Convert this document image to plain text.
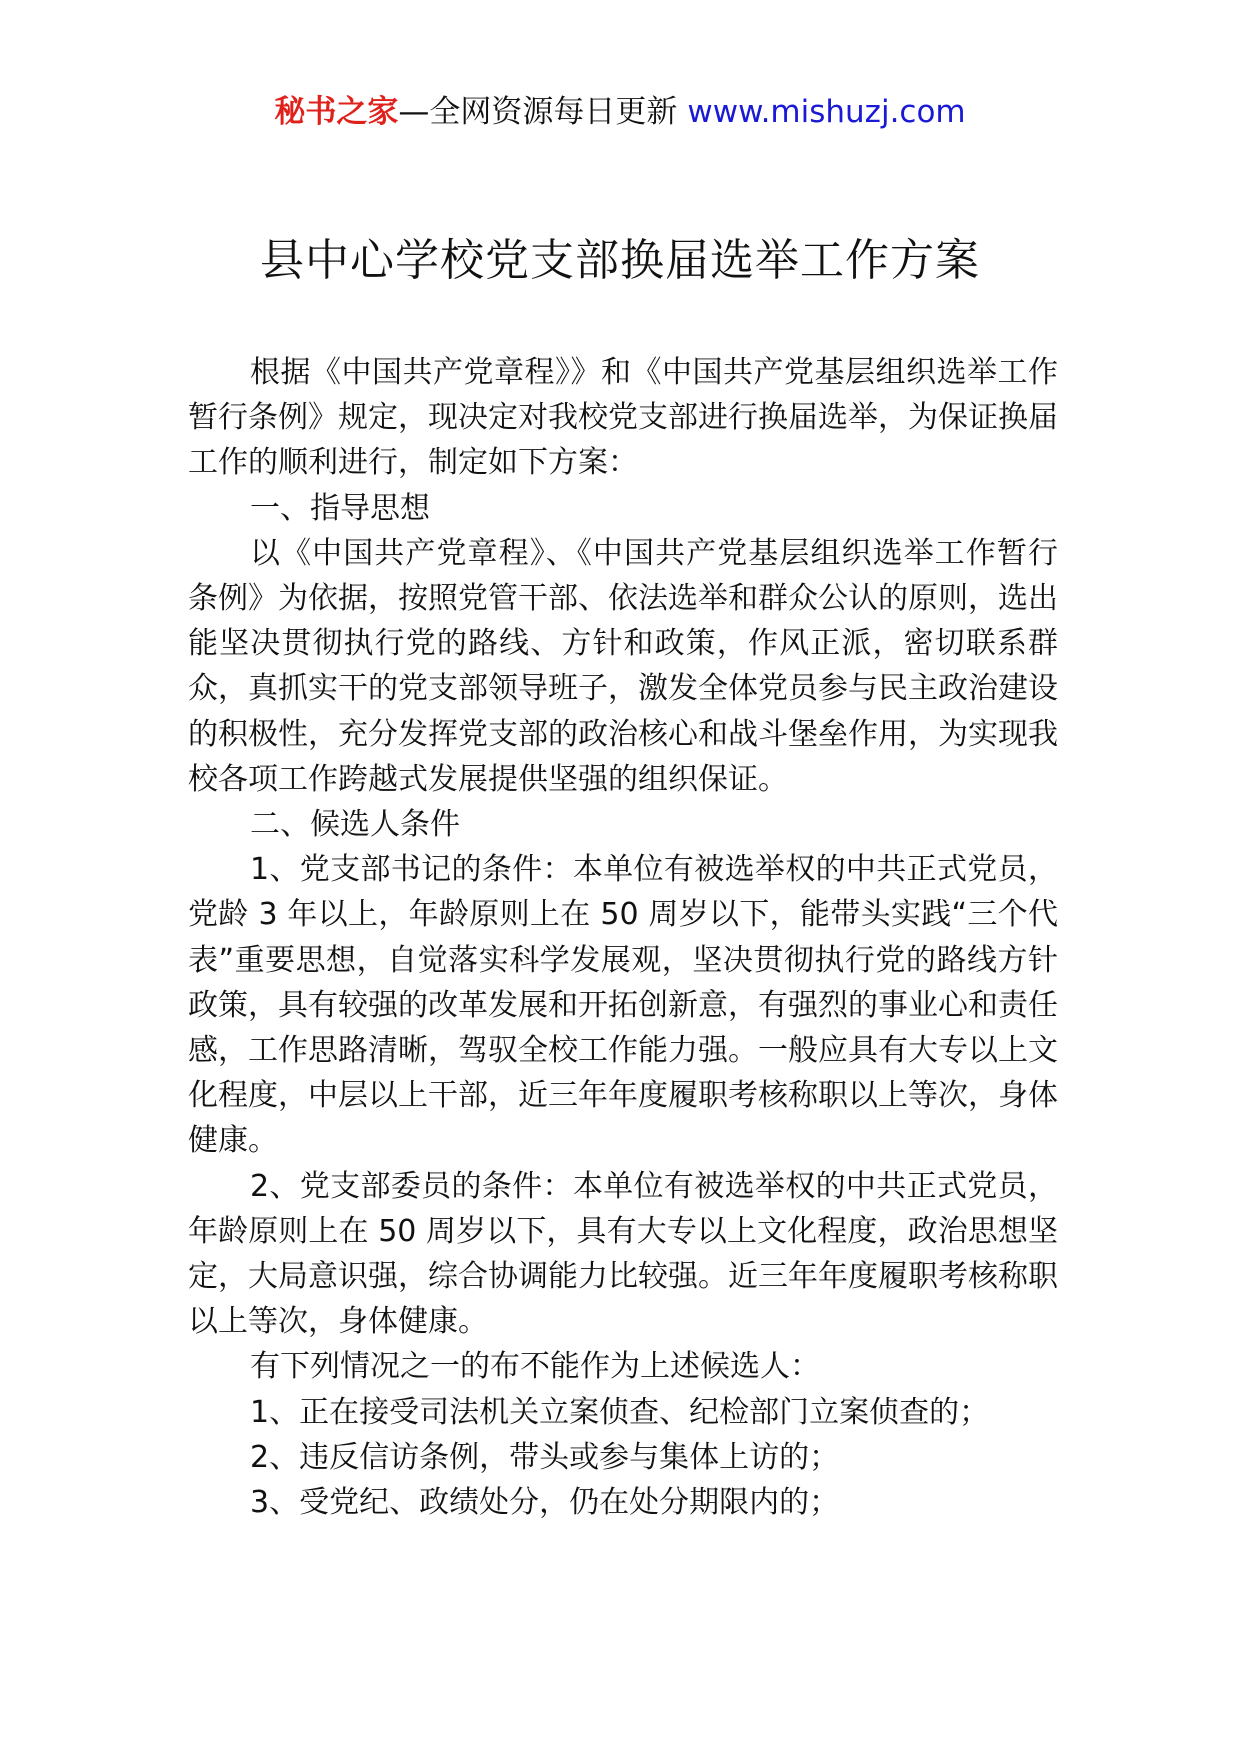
秘书之家—全网资源每日更新 www.mishuzj.com
县中心学校党支部换届选举工作方案

根据《中国共产党章程》》和《中国共产党基层组织选举工作暂行条例》规定，现决定对我校党支部进行换届选举，为保证换届工作的顺利进行，制定如下方案：

一、指导思想

以《中国共产党章程》、《中国共产党基层组织选举工作暂行条例》为依据，按照党管干部、依法选举和群众公认的原则，选出能坚决贯彻执行党的路线、方针和政策，作风正派，密切联系群众，真抓实干的党支部领导班子，激发全体党员参与民主政治建设的积极性，充分发挥党支部的政治核心和战斗堡垒作用，为实现我校各项工作跨越式发展提供坚强的组织保证。

二、候选人条件

1、党支部书记的条件：本单位有被选举权的中共正式党员，党龄 3 年以上，年龄原则上在 50 周岁以下，能带头实践“三个代表”重要思想，自觉落实科学发展观，坚决贯彻执行党的路线方针政策，具有较强的改革发展和开拓创新意，有强烈的事业心和责任感，工作思路清晰，驾驭全校工作能力强。一般应具有大专以上文化程度，中层以上干部，近三年年度履职考核称职以上等次，身体健康。

2、党支部委员的条件：本单位有被选举权的中共正式党员，年龄原则上在 50 周岁以下，具有大专以上文化程度，政治思想坚定，大局意识强，综合协调能力比较强。近三年年度履职考核称职以上等次，身体健康。

有下列情况之一的布不能作为上述候选人：

1、正在接受司法机关立案侦查、纪检部门立案侦查的；

2、违反信访条例，带头或参与集体上访的；

3、受党纪、政绩处分，仍在处分期限内的；
